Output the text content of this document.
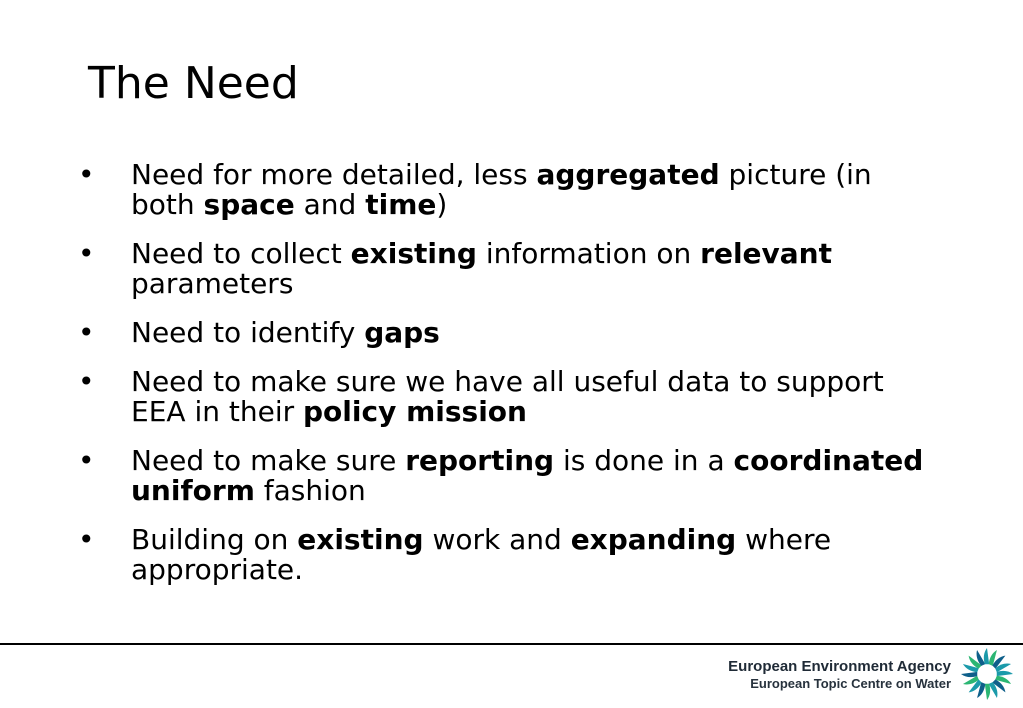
The Need
• Need for more detailed, less aggregated picture (in both space and time)
• Need to collect existing information on relevant parameters
• Need to identify gaps
• Need to make sure we have all useful data to support EEA in their policy mission
• Need to make sure reporting is done in a coordinated uniform fashion
• Building on existing work and expanding where appropriate.
European Environment Agency
European Topic Centre on Water
